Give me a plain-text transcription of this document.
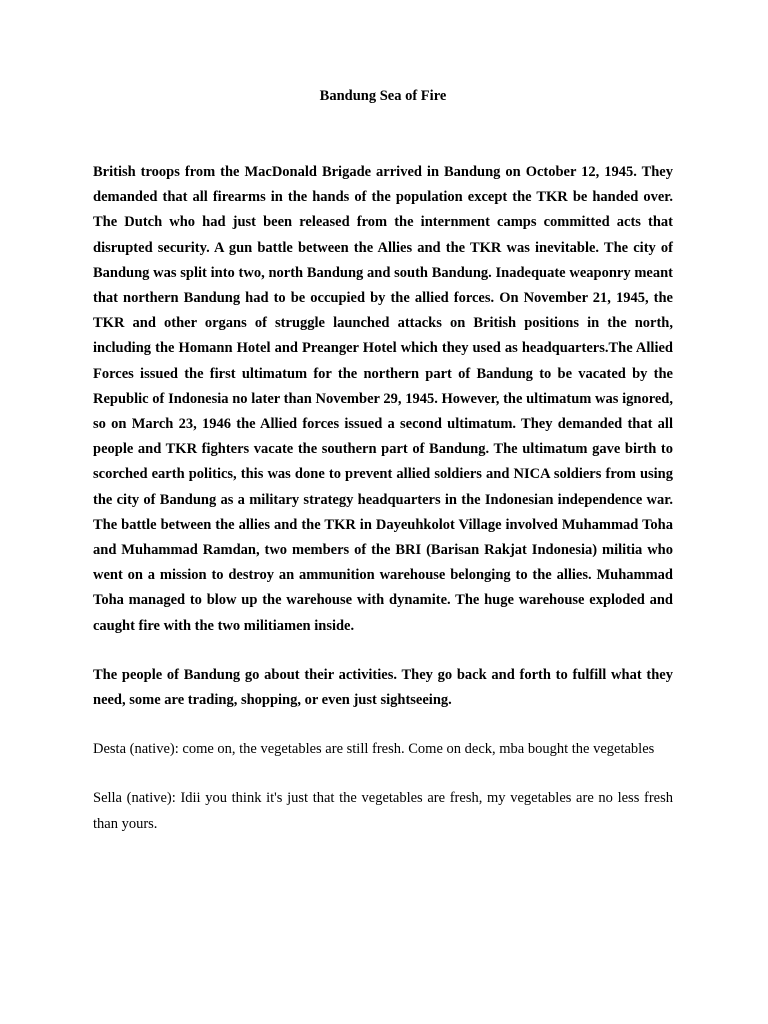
Bandung Sea of Fire

British troops from the MacDonald Brigade arrived in Bandung on October 12, 1945. They demanded that all firearms in the hands of the population except the TKR be handed over. The Dutch who had just been released from the internment camps committed acts that disrupted security. A gun battle between the Allies and the TKR was inevitable. The city of Bandung was split into two, north Bandung and south Bandung. Inadequate weaponry meant that northern Bandung had to be occupied by the allied forces. On November 21, 1945, the TKR and other organs of struggle launched attacks on British positions in the north, including the Homann Hotel and Preanger Hotel which they used as headquarters.The Allied Forces issued the first ultimatum for the northern part of Bandung to be vacated by the Republic of Indonesia no later than November 29, 1945. However, the ultimatum was ignored, so on March 23, 1946 the Allied forces issued a second ultimatum. They demanded that all people and TKR fighters vacate the southern part of Bandung. The ultimatum gave birth to scorched earth politics, this was done to prevent allied soldiers and NICA soldiers from using the city of Bandung as a military strategy headquarters in the Indonesian independence war. The battle between the allies and the TKR in Dayeuhkolot Village involved Muhammad Toha and Muhammad Ramdan, two members of the BRI (Barisan Rakjat Indonesia) militia who went on a mission to destroy an ammunition warehouse belonging to the allies. Muhammad Toha managed to blow up the warehouse with dynamite. The huge warehouse exploded and caught fire with the two militiamen inside.

The people of Bandung go about their activities. They go back and forth to fulfill what they need, some are trading, shopping, or even just sightseeing.

Desta (native): come on, the vegetables are still fresh. Come on deck, mba bought the vegetables

Sella (native): Idii you think it's just that the vegetables are fresh, my vegetables are no less fresh than yours.
